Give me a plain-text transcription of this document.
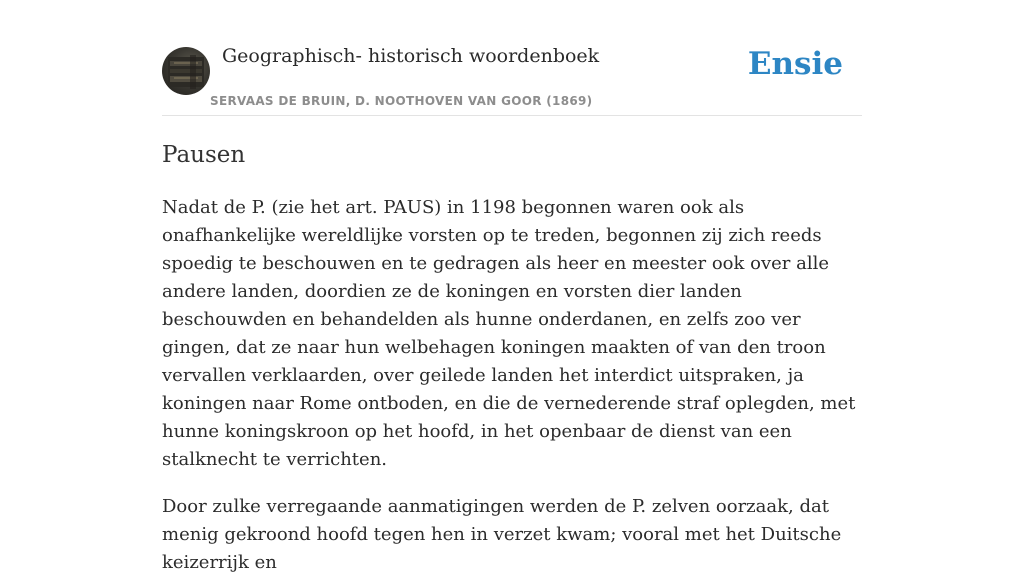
Geographisch- historisch woordenboek
SERVAAS DE BRUIN, D. NOOTHOVEN VAN GOOR (1869)
Ensie
Pausen

Nadat de P. (zie het art. PAUS) in 1198 begonnen waren ook als onafhankelijke wereldlijke vorsten op te treden, begonnen zij zich reeds spoedig te beschouwen en te gedragen als heer en meester ook over alle andere landen, doordien ze de koningen en vorsten dier landen beschouwden en behandelden als hunne onderdanen, en zelfs zoo ver gingen, dat ze naar hun welbehagen koningen maakten of van den troon vervallen verklaarden, over geilede landen het interdict uitspraken, ja koningen naar Rome ontboden, en die de vernederende straf oplegden, met hunne koningskroon op het hoofd, in het openbaar de dienst van een stalknecht te verrichten.

Door zulke verregaande aanmatigingen werden de P. zelven oorzaak, dat menig gekroond hoofd tegen hen in verzet kwam; vooral met het Duitsche keizerrijk en
